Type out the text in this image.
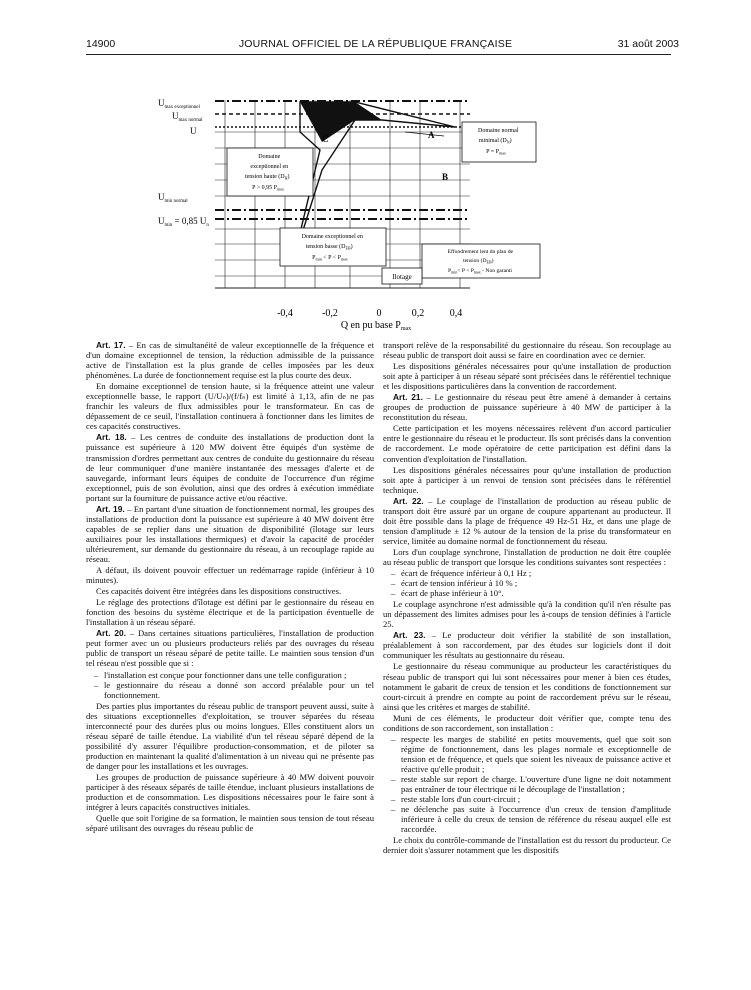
14900	JOURNAL OFFICIEL DE LA RÉPUBLIQUE FRANÇAISE	31 août 2003
$U_{max exceptionnel}$
$U_{max normal}$
U
$U_{min normal}$
$U_{min} = 0,85$ $U_n$
A
B
C
Domaine normal minimal $(D_N) P = P_{max}$
Domaine exceptionnel en tension haute $(D_H) P > 0,95$ $P_{max}$
Domaine exceptionnel en tension basse $(D_{EB}) P_{min} < P < P_{max}$
Effondrement lent du plan de tension $(D_{EB})$ $P_{min}< P < P_{max}$ - Non garanti
Ilotage
-0,4	-0,2	0	0,2	0,4
Q en pu base $P_{max}$

Art. 17. – En cas de simultanéité de valeur exceptionnelle de la fréquence et d'un domaine exceptionnel de tension, la réduction admissible de la puissance active de l'installation est la plus grande de celles imposées par les deux phénomènes. La durée de fonctionnement requise est la plus courte des deux.

En domaine exceptionnel de tension haute, si la fréquence atteint une valeur exceptionnelle basse, le rapport (U/Uₙ)/(f/fₙ) est limité à 1,13, afin de ne pas franchir les valeurs de flux admissibles pour le transformateur. En cas de dépassement de ce seuil, l'installation continuera à fonctionner dans les limites de ces capacités constructives.

Art. 18. – Les centres de conduite des installations de production dont la puissance est supérieure à 120 MW doivent être équipés d'un système de transmission d'ordres permettant aux centres de conduite du gestionnaire du réseau de leur communiquer d'une manière instantanée des messages d'alerte et de sauvegarde, informant leurs équipes de conduite de l'occurrence d'un régime exceptionnel, puis de son évolution, ainsi que des ordres à exécution immédiate portant sur la fourniture de puissance active et/ou réactive.

Art. 19. – En partant d'une situation de fonctionnement normal, les groupes des installations de production dont la puissance est supérieure à 40 MW doivent être capables de se replier dans une situation de disponibilité (îlotage sur leurs auxiliaires pour les installations thermiques) et d'avoir la capacité de procéder ultérieurement, sur demande du gestionnaire du réseau, à un recouplage rapide au réseau.

A défaut, ils doivent pouvoir effectuer un redémarrage rapide (inférieur à 10 minutes).

Ces capacités doivent être intégrées dans les dispositions constructives.

Le réglage des protections d'îlotage est défini par le gestionnaire du réseau en fonction des besoins du système électrique et de la participation éventuelle de l'installation à un réseau séparé.

Art. 20. – Dans certaines situations particulières, l'installation de production peut former avec un ou plusieurs producteurs reliés par des ouvrages du réseau public de transport un réseau séparé de petite taille. Le maintien sous tension d'un tel réseau n'est possible que si :

– l'installation est conçue pour fonctionner dans une telle configuration ;
– le gestionnaire du réseau a donné son accord préalable pour un tel fonctionnement.

Des parties plus importantes du réseau public de transport peuvent aussi, suite à des situations exceptionnelles d'exploitation, se trouver séparées du réseau interconnecté pour des durées plus ou moins longues. Elles constituent alors un réseau séparé de taille étendue. La viabilité d'un tel réseau séparé dépend de la possibilité d'y assurer l'équilibre production-consommation, et de piloter sa production en maintenant la qualité d'alimentation à un niveau qui ne présente pas de danger pour les installations et les ouvrages.

Les groupes de production de puissance supérieure à 40 MW doivent pouvoir participer à des réseaux séparés de taille étendue, incluant plusieurs installations de production et de consommation. Les dispositions nécessaires pour le faire sont à intégrer à leurs capacités constructives initiales.

Quelle que soit l'origine de sa formation, le maintien sous tension de tout réseau séparé utilisant des ouvrages du réseau public de

transport relève de la responsabilité du gestionnaire du réseau. Son recouplage au réseau public de transport doit aussi se faire en coordination avec ce dernier.

Les dispositions générales nécessaires pour qu'une installation de production soit apte à participer à un réseau séparé sont précisées dans le référentiel technique et les dispositions particulières dans la convention de raccordement.

Art. 21. – Le gestionnaire du réseau peut être amené à demander à certains groupes de production de puissance supérieure à 40 MW de participer à la reconstitution du réseau.

Cette participation et les moyens nécessaires relèvent d'un accord particulier entre le gestionnaire du réseau et le producteur. Ils sont précisés dans la convention de raccordement. Le mode opératoire de cette participation est défini dans la convention d'exploitation de l'installation.

Les dispositions générales nécessaires pour qu'une installation de production soit apte à participer à un renvoi de tension sont précisées dans le référentiel technique.

Art. 22. – Le couplage de l'installation de production au réseau public de transport doit être assuré par un organe de coupure appartenant au producteur. Il doit être possible dans la plage de fréquence 49 Hz-51 Hz, et dans une plage de tension d'amplitude ± 12 % autour de la tension de la prise du transformateur en service, limitée au domaine normal de fonctionnement du réseau.

Lors d'un couplage synchrone, l'installation de production ne doit être couplée au réseau public de transport que lorsque les conditions suivantes sont respectées :

– écart de fréquence inférieur à 0,1 Hz ;
– écart de tension inférieur à 10 % ;
– écart de phase inférieur à 10°.

Le couplage asynchrone n'est admissible qu'à la condition qu'il n'en résulte pas un dépassement des limites admises pour les à-coups de tension définies à l'article 25.

Art. 23. – Le producteur doit vérifier la stabilité de son installation, préalablement à son raccordement, par des études sur logiciels dont il doit communiquer les résultats au gestionnaire du réseau.

Le gestionnaire du réseau communique au producteur les caractéristiques du réseau public de transport qui lui sont nécessaires pour mener à bien ces études, notamment le gabarit de creux de tension et les conditions de fonctionnement sur court-circuit à prendre en compte au point de raccordement prévu sur le réseau, ainsi que les critères et marges de stabilité.

Muni de ces éléments, le producteur doit vérifier que, compte tenu des conditions de son raccordement, son installation :

– respecte les marges de stabilité en petits mouvements, quel que soit son régime de fonctionnement, dans les plages normale et exceptionnelle de tension et de fréquence, et quels que soient les niveaux de puissance active et réactive qu'elle produit ;
– reste stable sur report de charge. L'ouverture d'une ligne ne doit notamment pas entraîner de tour électrique ni le découplage de l'installation ;
– reste stable lors d'un court-circuit ;
– ne déclenche pas suite à l'occurrence d'un creux de tension d'amplitude inférieure à celle du creux de tension de référence du réseau auquel elle est raccordée.

Le choix du contrôle-commande de l'installation est du ressort du producteur. Ce dernier doit s'assurer notamment que les dispositifs
